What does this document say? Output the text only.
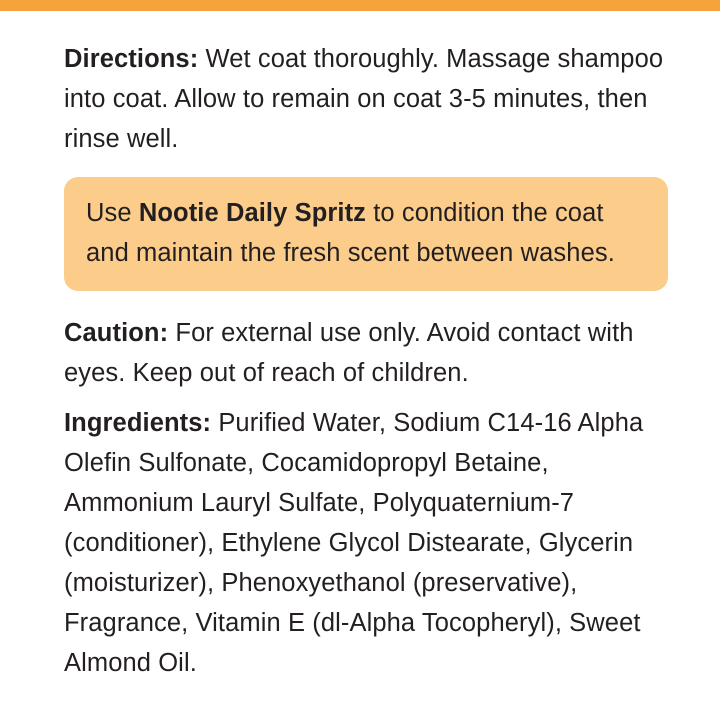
Directions: Wet coat thoroughly. Massage shampoo into coat. Allow to remain on coat 3-5 minutes, then rinse well.

Use Nootie Daily Spritz to condition the coat and maintain the fresh scent between washes.

Caution: For external use only. Avoid contact with eyes. Keep out of reach of children.

Ingredients: Purified Water, Sodium C14-16 Alpha Olefin Sulfonate, Cocamidopropyl Betaine, Ammonium Lauryl Sulfate, Polyquaternium-7 (conditioner), Ethylene Glycol Distearate, Glycerin (moisturizer), Phenoxyethanol (preservative), Fragrance, Vitamin E (dl-Alpha Tocopheryl), Sweet Almond Oil.
